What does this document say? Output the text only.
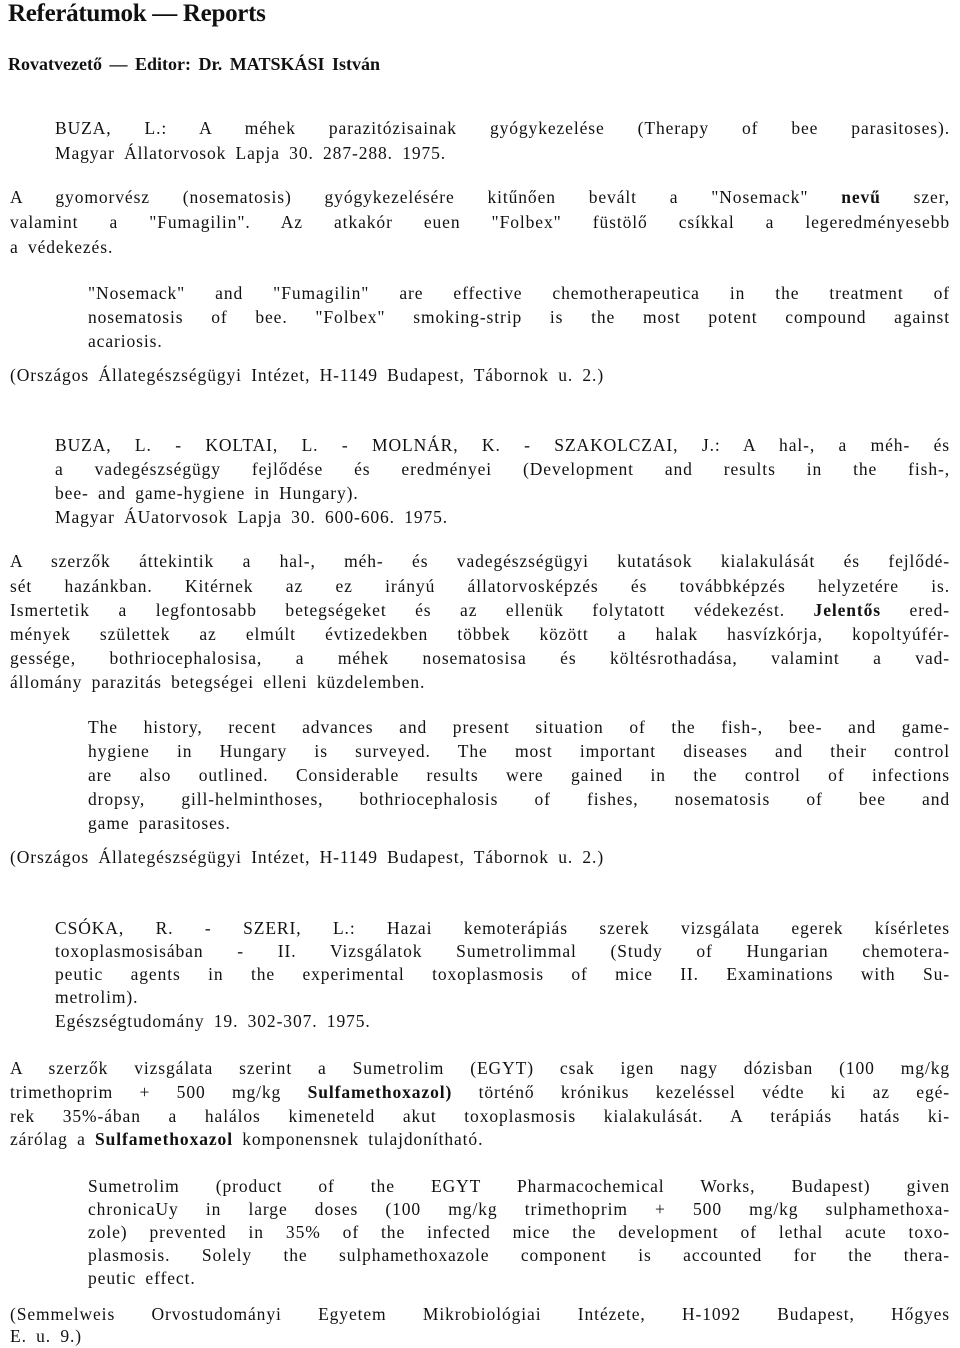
Referátumok — Reports
Rovatvezető — Editor: Dr. MATSKÁSI István
BUZA, L.: A méhek parazitózisainak gyógykezelése (Therapy of bee parasitoses).
Magyar Állatorvosok Lapja 30. 287-288. 1975.
A gyomorvész (nosematosis) gyógykezelésére kitűnően bevált a "Nosemack" nevű szer,
valamint a "Fumagilin". Az atkakór euen "Folbex" füstölő csíkkal a legeredményesebb
a védekezés.
"Nosemack" and "Fumagilin" are effective chemotherapeutica in the treatment of
nosematosis of bee. "Folbex" smoking-strip is the most potent compound against
acariosis.
(Országos Állategészségügyi Intézet, H-1149 Budapest, Tábornok u. 2.)
BUZA, L. - KOLTAI, L. - MOLNÁR, K. - SZAKOLCZAI, J.: A hal-, a méh- és
a vadegészségügy fejlődése és eredményei (Development and results in the fish-,
bee- and game-hygiene in Hungary).
Magyar ÁUatorvosok Lapja 30. 600-606. 1975.
A szerzők áttekintik a hal-, méh- és vadegészségügyi kutatások kialakulását és fejlődé-
sét hazánkban. Kitérnek az ez irányú állatorvosképzés és továbbképzés helyzetére is.
Ismertetik a legfontosabb betegségeket és az ellenük folytatott védekezést. Jelentős ered-
mények születtek az elmúlt évtizedekben többek között a halak hasvízkórja, kopoltyúfér-
gessége, bothriocephalosisa, a méhek nosematosisa és költésrothadása, valamint a vad-
állomány parazitás betegségei elleni küzdelemben.
The history, recent advances and present situation of the fish-, bee- and game-
hygiene in Hungary is surveyed. The most important diseases and their control
are also outlined. Considerable results were gained in the control of infections
dropsy, gill-helminthoses, bothriocephalosis of fishes, nosematosis of bee and
game parasitoses.
(Országos Állategészségügyi Intézet, H-1149 Budapest, Tábornok u. 2.)
CSÓKA, R. - SZERI, L.: Hazai kemoterápiás szerek vizsgálata egerek kísérletes
toxoplasmosisában - II. Vizsgálatok Sumetrolimmal (Study of Hungarian chemotera-
peutic agents in the experimental toxoplasmosis of mice II. Examinations with Su-
metrolim).
Egészségtudomány 19. 302-307. 1975.
A szerzők vizsgálata szerint a Sumetrolim (EGYT) csak igen nagy dózisban (100 mg/kg
trimethoprim + 500 mg/kg Sulfamethoxazol) történő krónikus kezeléssel védte ki az egé-
rek 35%-ában a halálos kimeneteld akut toxoplasmosis kialakulását. A terápiás hatás ki-
zárólag a Sulfamethoxazol komponensnek tulajdonítható.
Sumetrolim (product of the EGYT Pharmacochemical Works, Budapest) given
chronicaUy in large doses (100 mg/kg trimethoprim + 500 mg/kg sulphamethoxa-
zole) prevented in 35% of the infected mice the development of lethal acute toxo-
plasmosis. Solely the sulphamethoxazole component is accounted for the thera-
peutic effect.
(Semmelweis Orvostudományi Egyetem Mikrobiológiai Intézete, H-1092 Budapest, Hőgyes
E. u. 9.)
